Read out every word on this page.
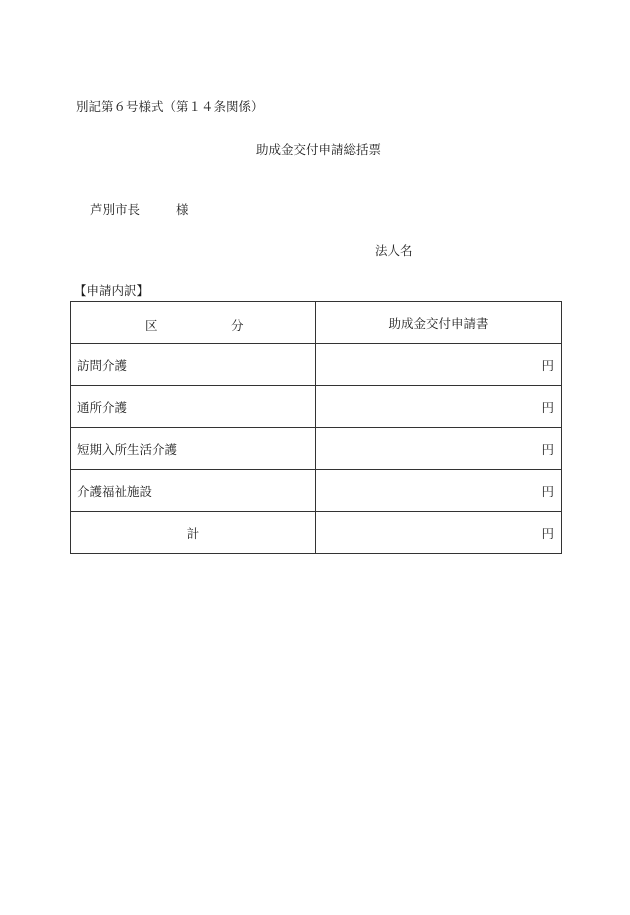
別記第６号様式（第１４条関係）
助成金交付申請総括票
芦別市長	様
法人名
【申請内訳】
区 分	助成金交付申請書
訪問介護	円
通所介護	円
短期入所生活介護	円
介護福祉施設	円
計	円
